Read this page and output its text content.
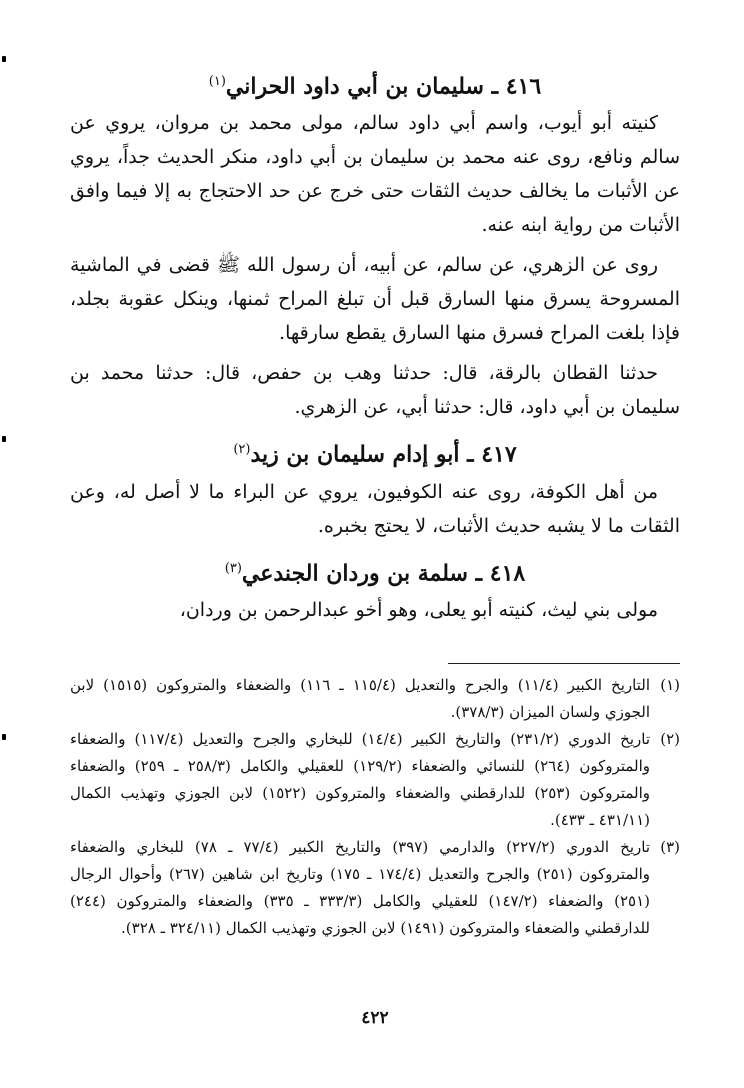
٤١٦ ـ سليمان بن أبي داود الحراني$^{(١)}$

كنيته أبو أيوب، واسم أبي داود سالم، مولى محمد بن مروان، يروي عن سالم ونافع، روى عنه محمد بن سليمان بن أبي داود، منكر الحديث جداً، يروي عن الأثبات ما يخالف حديث الثقات حتى خرج عن حد الاحتجاج به إلا فيما وافق الأثبات من رواية ابنه عنه.

روى عن الزهري، عن سالم، عن أبيه، أن رسول الله ﷺ قضى في الماشية المسروحة يسرق منها السارق قبل أن تبلغ المراح ثمنها، وينكل عقوبة بجلد، فإذا بلغت المراح فسرق منها السارق يقطع سارقها.

حدثنا القطان بالرقة، قال: حدثنا وهب بن حفص، قال: حدثنا محمد بن سليمان بن أبي داود، قال: حدثنا أبي، عن الزهري.

٤١٧ ـ أبو إدام سليمان بن زيد$^{(٢)}$

من أهل الكوفة، روى عنه الكوفيون، يروي عن البراء ما لا أصل له، وعن الثقات ما لا يشبه حديث الأثبات، لا يحتج بخبره.

٤١٨ ـ سلمة بن وردان الجندعي$^{(٣)}$

مولى بني ليث، كنيته أبو يعلى، وهو أخو عبدالرحمن بن وردان،

(١)
التاريخ الكبير (١١/٤) والجرح والتعديل (١١٥/٤ ـ ١١٦) والضعفاء والمتروكون (١٥١٥) لابن الجوزي ولسان الميزان (٣٧٨/٣).
(٢)
تاريخ الدوري (٢٣١/٢) والتاريخ الكبير (١٤/٤) للبخاري والجرح والتعديل (١١٧/٤) والضعفاء والمتروكون (٢٦٤) للنسائي والضعفاء (١٢٩/٢) للعقيلي والكامل (٢٥٨/٣ ـ ٢٥٩) والضعفاء والمتروكون (٢٥٣) للدارقطني والضعفاء والمتروكون (١٥٢٢) لابن الجوزي وتهذيب الكمال (٤٣١/١١ ـ ٤٣٣).
(٣)
تاريخ الدوري (٢٢٧/٢) والدارمي (٣٩٧) والتاريخ الكبير (٧٧/٤ ـ ٧٨) للبخاري والضعفاء والمتروكون (٢٥١) والجرح والتعديل (١٧٤/٤ ـ ١٧٥) وتاريخ ابن شاهين (٢٦٧) وأحوال الرجال (٢٥١) والضعفاء (١٤٧/٢) للعقيلي والكامل (٣٣٣/٣ ـ ٣٣٥) والضعفاء والمتروكون (٢٤٤) للدارقطني والضعفاء والمتروكون (١٤٩١) لابن الجوزي وتهذيب الكمال (٣٢٤/١١ ـ ٣٢٨).
٤٢٢
